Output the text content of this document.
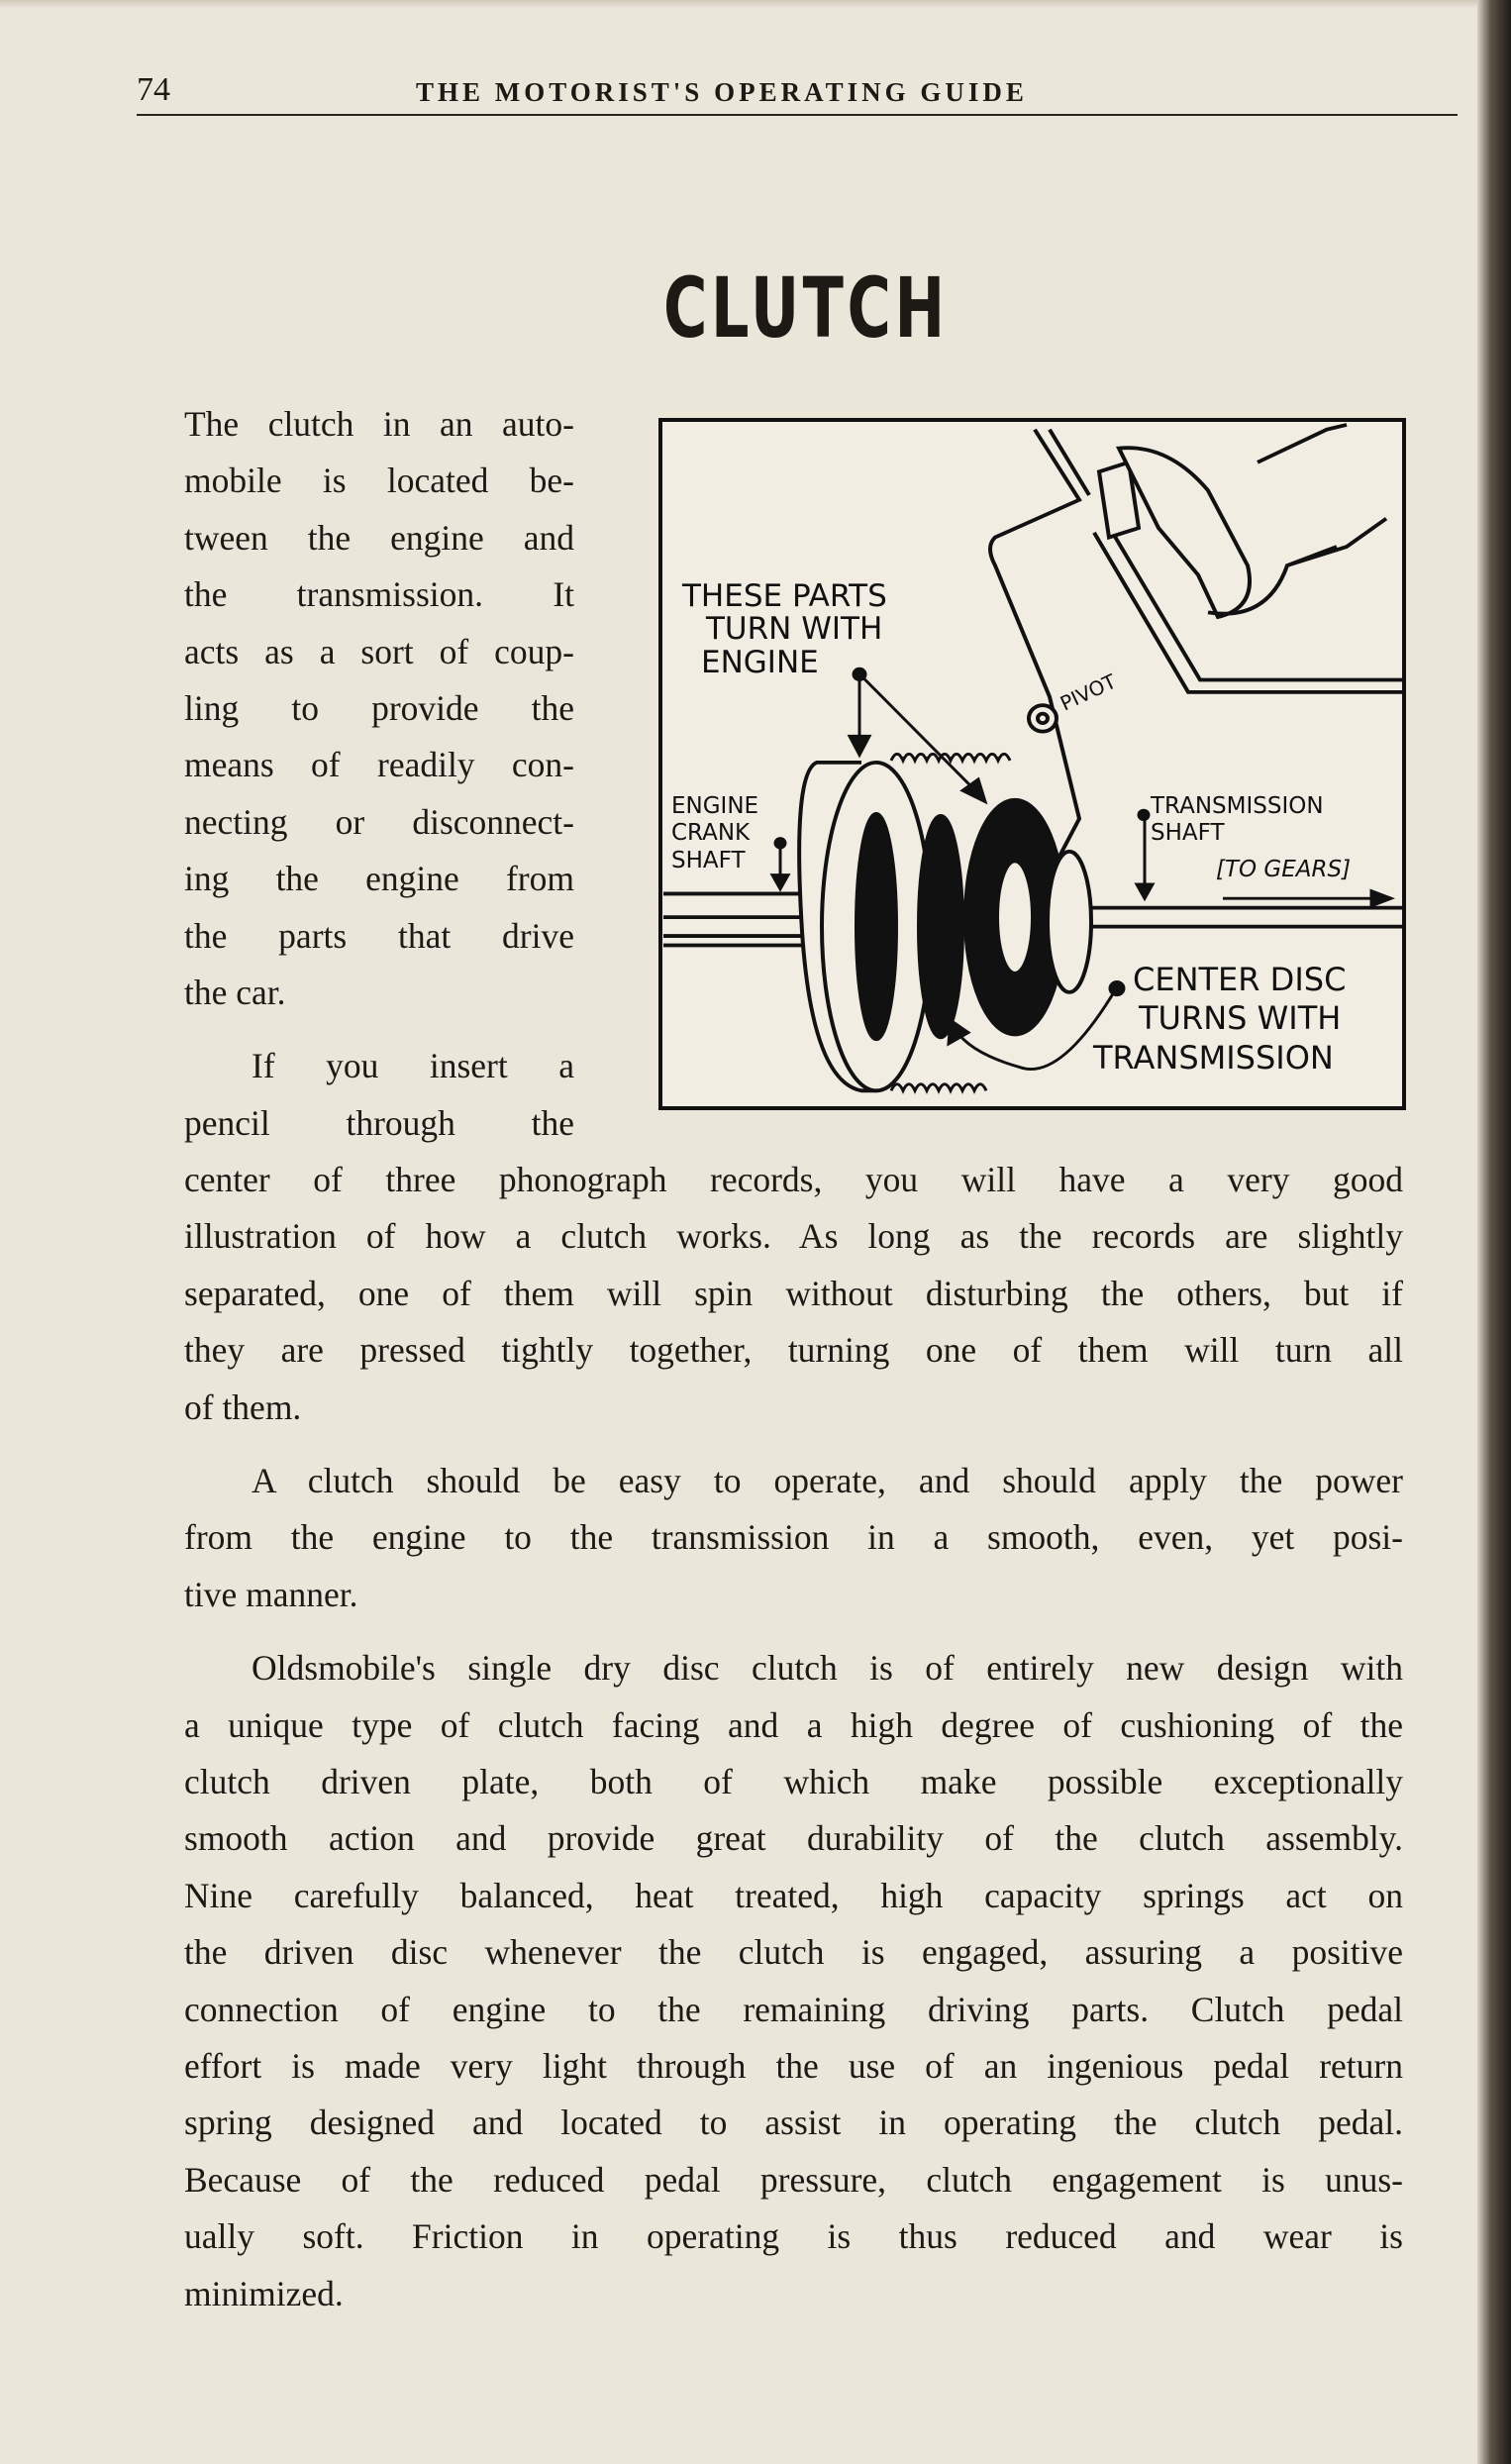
74	THE MOTORIST'S OPERATING GUIDE
CLUTCH
THESE PARTS
TURN WITH
ENGINE
ENGINE
CRANK
SHAFT
PIVOT
TRANSMISSION
SHAFT
[TO GEARS]
CENTER DISC
TURNS WITH
TRANSMISSION
The clutch in an auto-
mobile is located be-
tween the engine and
the transmission. It
acts as a sort of coup-
ling to provide the
means of readily con-
necting or disconnect-
ing the engine from
the parts that drive
the car.
If you insert a
pencil through the
center of three phonograph records, you will have a very good
illustration of how a clutch works. As long as the records are slightly
separated, one of them will spin without disturbing the others, but if
they are pressed tightly together, turning one of them will turn all
of them.
A clutch should be easy to operate, and should apply the power
from the engine to the transmission in a smooth, even, yet posi-
tive manner.
Oldsmobile's single dry disc clutch is of entirely new design with
a unique type of clutch facing and a high degree of cushioning of the
clutch driven plate, both of which make possible exceptionally
smooth action and provide great durability of the clutch assembly.
Nine carefully balanced, heat treated, high capacity springs act on
the driven disc whenever the clutch is engaged, assuring a positive
connection of engine to the remaining driving parts. Clutch pedal
effort is made very light through the use of an ingenious pedal return
spring designed and located to assist in operating the clutch pedal.
Because of the reduced pedal pressure, clutch engagement is unus-
ually soft. Friction in operating is thus reduced and wear is
minimized.
